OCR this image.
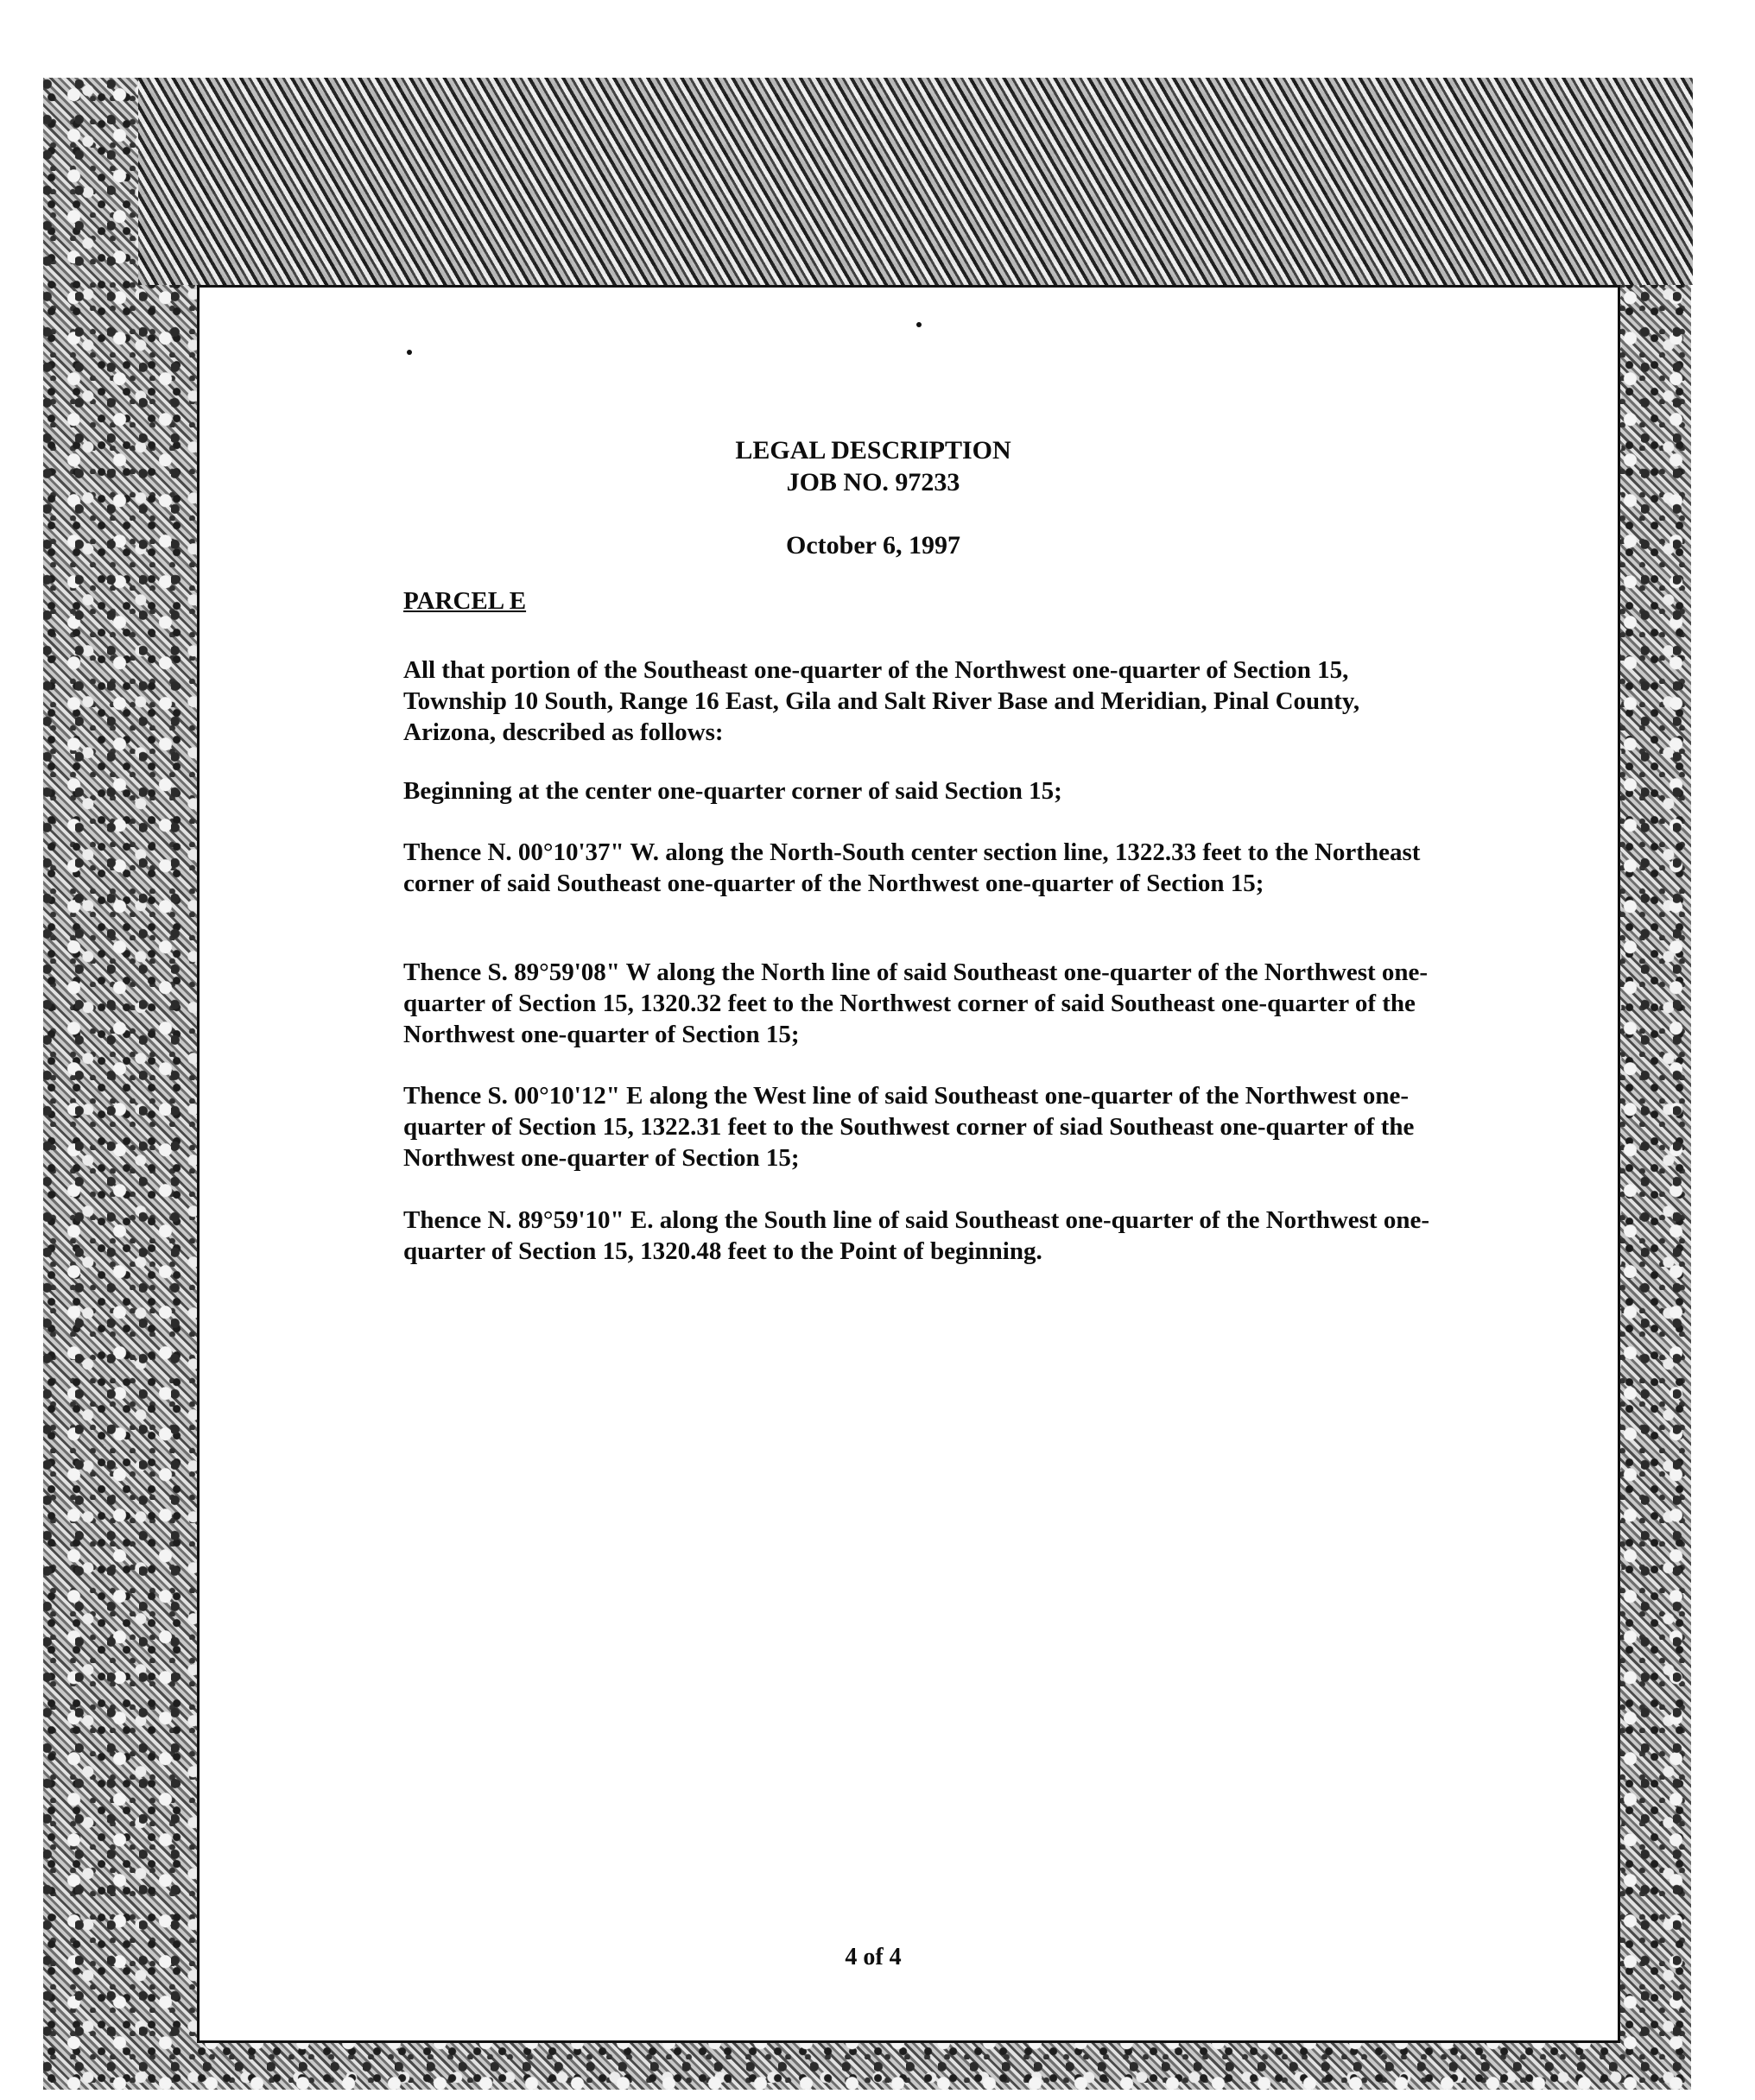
LEGAL DESCRIPTION
JOB NO. 97233
October 6, 1997
PARCEL E

All that portion of the Southeast one-quarter of the Northwest one-quarter of Section 15, Township 10 South, Range 16 East, Gila and Salt River Base and Meridian, Pinal County, Arizona, described as follows:

Beginning at the center one-quarter corner of said Section 15;

Thence N. 00°10'37" W. along the North-South center section line, 1322.33 feet to the Northeast corner of said Southeast one-quarter of the Northwest one-quarter of Section 15;

Thence S. 89°59'08" W along the North line of said Southeast one-quarter of the Northwest one-quarter of Section 15, 1320.32 feet to the Northwest corner of said Southeast one-quarter of the Northwest one-quarter of Section 15;

Thence S. 00°10'12" E along the West line of said Southeast one-quarter of the Northwest one-quarter of Section 15, 1322.31 feet to the Southwest corner of siad Southeast one-quarter of the Northwest one-quarter of Section 15;

Thence N. 89°59'10" E. along the South line of said Southeast one-quarter of the Northwest one-quarter of Section 15, 1320.48 feet to the Point of beginning.

4 of 4
